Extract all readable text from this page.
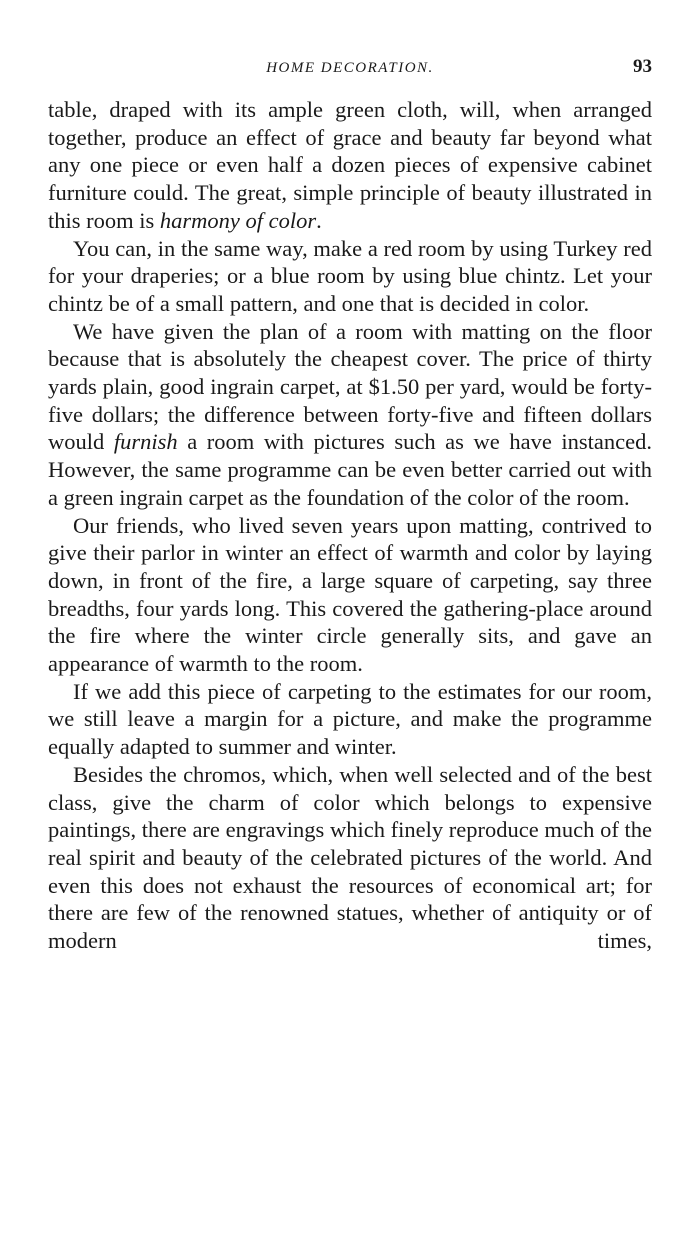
HOME DECORATION.	93

table, draped with its ample green cloth, will, when arranged together, produce an effect of grace and beauty far beyond what any one piece or even half a dozen pieces of expensive cabinet furniture could. The great, simple principle of beauty illustrated in this room is harmony of color.

You can, in the same way, make a red room by using Turkey red for your draperies; or a blue room by using blue chintz. Let your chintz be of a small pattern, and one that is decided in color.

We have given the plan of a room with matting on the floor because that is absolutely the cheapest cover. The price of thirty yards plain, good ingrain carpet, at $1.50 per yard, would be forty-five dollars; the difference between forty-five and fifteen dollars would furnish a room with pictures such as we have instanced. However, the same programme can be even better carried out with a green ingrain carpet as the foundation of the color of the room.

Our friends, who lived seven years upon matting, contrived to give their parlor in winter an effect of warmth and color by laying down, in front of the fire, a large square of carpeting, say three breadths, four yards long. This covered the gathering-place around the fire where the winter circle generally sits, and gave an appearance of warmth to the room.

If we add this piece of carpeting to the estimates for our room, we still leave a margin for a picture, and make the programme equally adapted to summer and winter.

Besides the chromos, which, when well selected and of the best class, give the charm of color which belongs to expensive paintings, there are engravings which finely reproduce much of the real spirit and beauty of the celebrated pictures of the world. And even this does not exhaust the resources of economical art; for there are few of the renowned statues, whether of antiquity or of modern times,
